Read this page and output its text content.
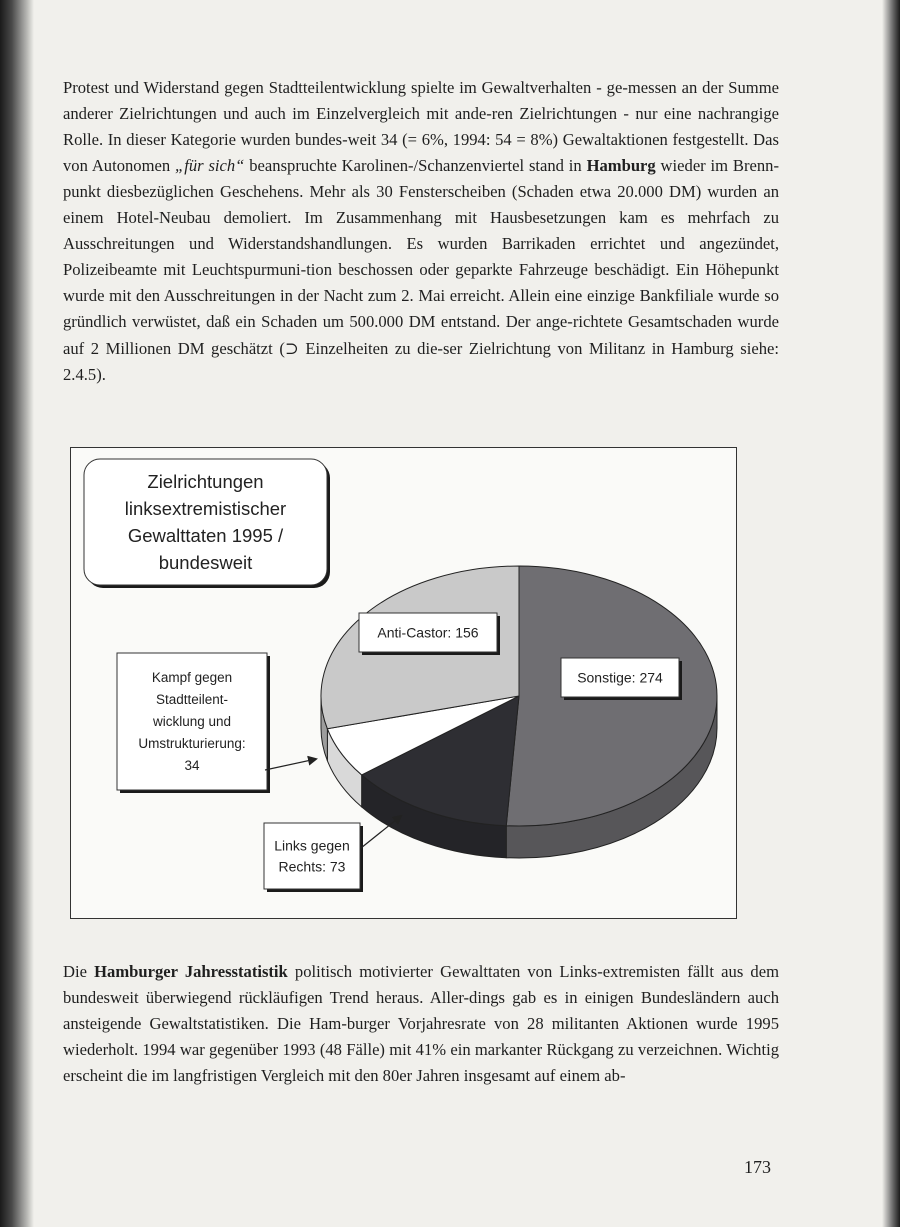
Protest und Widerstand gegen Stadtteilentwicklung spielte im Gewaltverhalten - ge-messen an der Summe anderer Zielrichtungen und auch im Einzelvergleich mit ande-ren Zielrichtungen - nur eine nachrangige Rolle. In dieser Kategorie wurden bundes-weit 34 (= 6%, 1994: 54 = 8%) Gewaltaktionen festgestellt. Das von Autonomen „für sich“ beanspruchte Karolinen-/Schanzenviertel stand in Hamburg wieder im Brenn-punkt diesbezüglichen Geschehens. Mehr als 30 Fensterscheiben (Schaden etwa 20.000 DM) wurden an einem Hotel-Neubau demoliert. Im Zusammenhang mit Hausbesetzungen kam es mehrfach zu Ausschreitungen und Widerstandshandlungen. Es wurden Barrikaden errichtet und angezündet, Polizeibeamte mit Leuchtspurmuni-tion beschossen oder geparkte Fahrzeuge beschädigt. Ein Höhepunkt wurde mit den Ausschreitungen in der Nacht zum 2. Mai erreicht. Allein eine einzige Bankfiliale wurde so gründlich verwüstet, daß ein Schaden um 500.000 DM entstand. Der ange-richtete Gesamtschaden wurde auf 2 Millionen DM geschätzt (⊃ Einzelheiten zu die-ser Zielrichtung von Militanz in Hamburg siehe: 2.4.5).

Zielrichtungen
linksextremistischer
Gewalttaten 1995 /
bundesweit
Anti-Castor: 156
Sonstige: 274
Kampf gegen
Stadtteilent-
wicklung und
Umstrukturierung:
34
Links gegen
Rechts: 73

Die Hamburger Jahresstatistik politisch motivierter Gewalttaten von Links-extremisten fällt aus dem bundesweit überwiegend rückläufigen Trend heraus. Aller-dings gab es in einigen Bundesländern auch ansteigende Gewaltstatistiken. Die Ham-burger Vorjahresrate von 28 militanten Aktionen wurde 1995 wiederholt. 1994 war gegenüber 1993 (48 Fälle) mit 41% ein markanter Rückgang zu verzeichnen. Wichtig erscheint die im langfristigen Vergleich mit den 80er Jahren insgesamt auf einem ab-

173
